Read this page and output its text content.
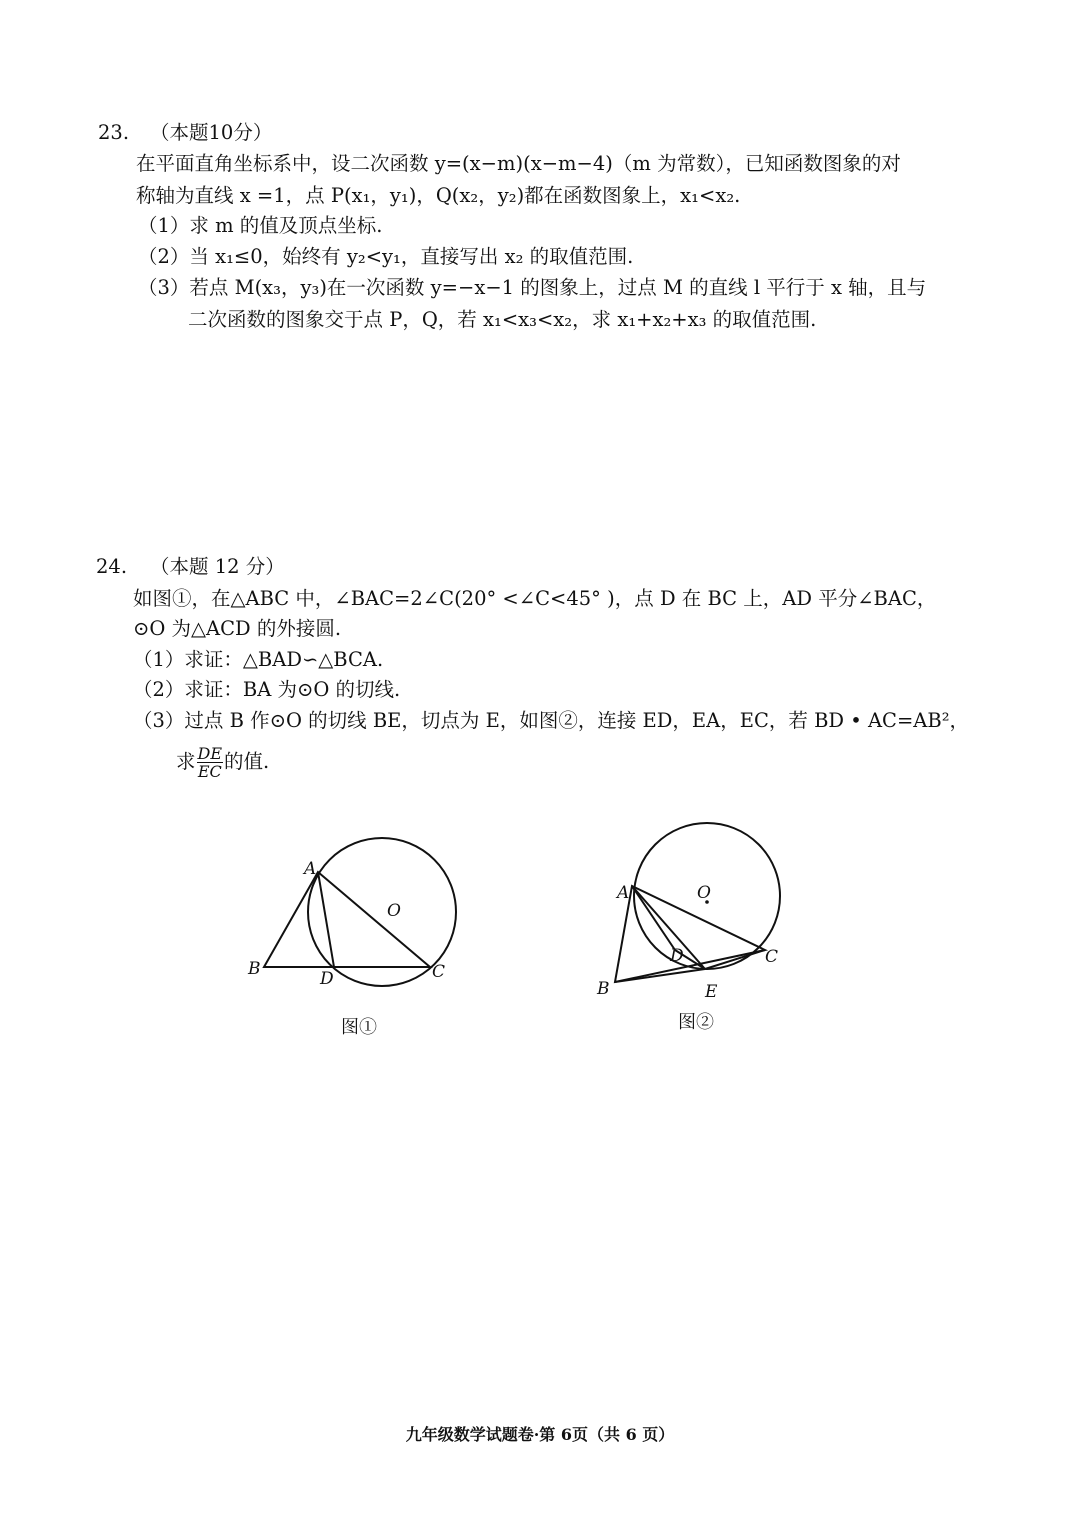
23. （本题10分）
在平面直角坐标系中，设二次函数 y=(x−m)(x−m−4)（m 为常数），已知函数图象的对
称轴为直线 x =1，点 P(x₁，y₁)，Q(x₂，y₂)都在函数图象上，x₁<x₂.
（1）求 m 的值及顶点坐标.
（2）当 x₁≤0，始终有 y₂<y₁，直接写出 x₂ 的取值范围.
（3）若点 M(x₃，y₃)在一次函数 y=−x−1 的图象上，过点 M 的直线 l 平行于 x 轴，且与
二次函数的图象交于点 P，Q，若 x₁<x₃<x₂，求 x₁+x₂+x₃ 的取值范围.
24. （本题 12 分）
如图①，在△ABC 中，∠BAC=2∠C(20° <∠C<45° )，点 D 在 BC 上，AD 平分∠BAC，
⊙O 为△ACD 的外接圆.
（1）求证：△BAD∽△BCA.
（2）求证：BA 为⊙O 的切线.
（3）过点 B 作⊙O 的切线 BE，切点为 E，如图②，连接 ED，EA，EC，若 BD • AC=AB²，
求 $\frac{DE}{EC}$ 的值.
A
B	C
D
O
图①
A
B
C
D
E
O
图②
九年级数学试题卷·第 6页（共 6 页）
